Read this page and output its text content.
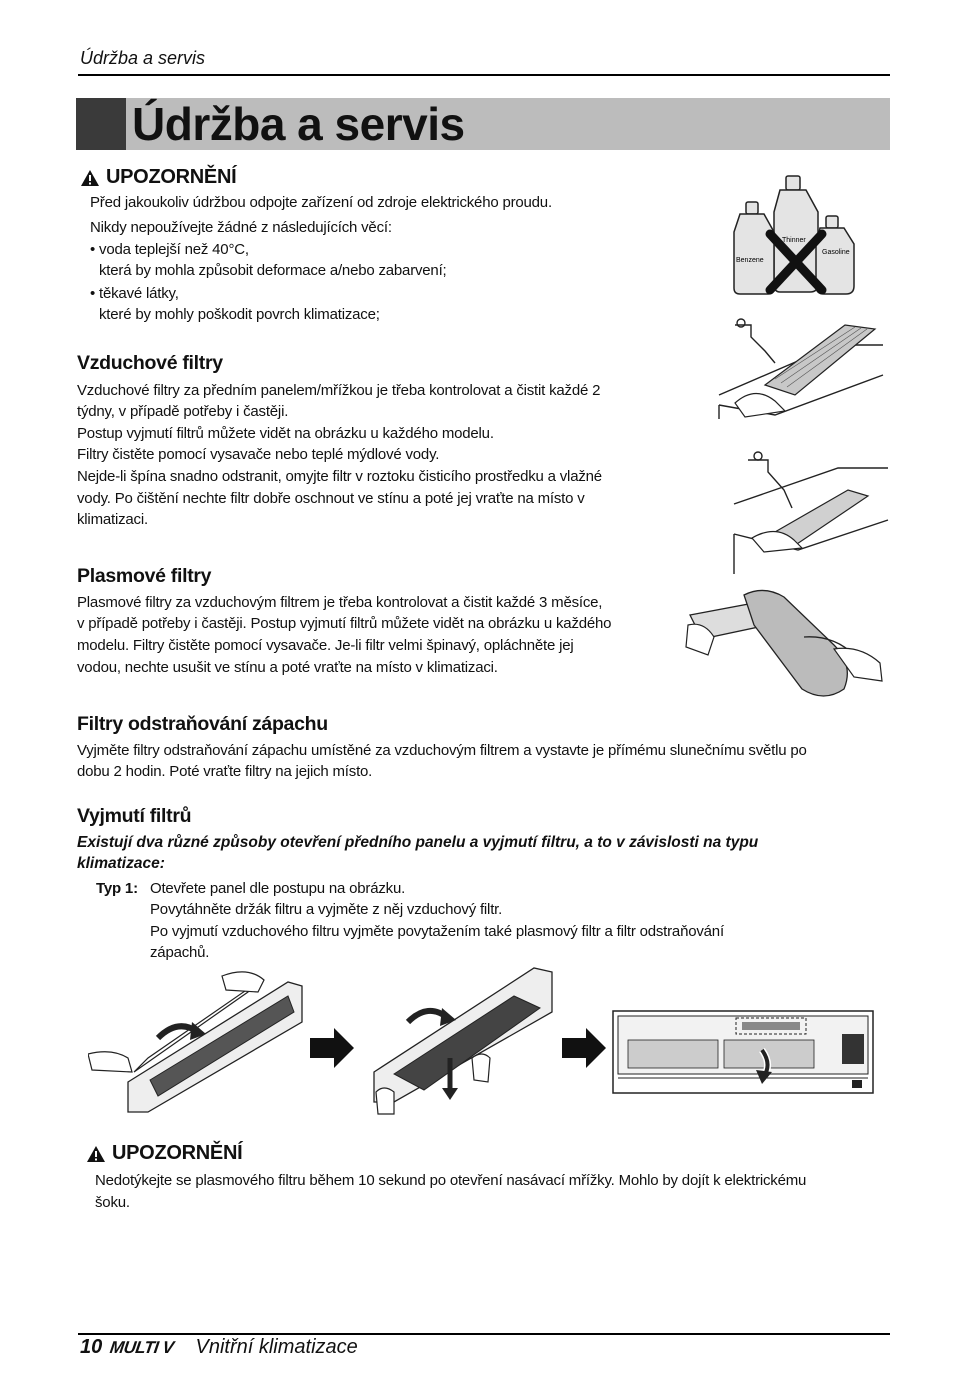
Údržba a servis
Údržba a servis
UPOZORNĚNÍ
Před jakoukoliv údržbou odpojte zařízení od zdroje elektrického proudu.
Nikdy nepoužívejte žádné z následujících věcí:
• voda teplejší než 40°C,
která by mohla způsobit deformace a/nebo zabarvení;
• těkavé látky,
které by mohly poškodit povrch klimatizace;
Benzene
Thinner
Gasoline
Vzduchové filtry
Vzduchové filtry za předním panelem/mřížkou je třeba kontrolovat a čistit každé 2
týdny, v případě potřeby i častěji.
Postup vyjmutí filtrů můžete vidět na obrázku u každého modelu.
Filtry čistěte pomocí vysavače nebo teplé mýdlové vody.
Nejde-li špína snadno odstranit, omyjte filtr v roztoku čisticího prostředku a vlažné
vody. Po čištění nechte filtr dobře oschnout ve stínu a poté jej vraťte na místo v
klimatizaci.
Plasmové filtry
Plasmové filtry za vzduchovým filtrem je třeba kontrolovat a čistit každé 3 měsíce,
v případě potřeby i častěji. Postup vyjmutí filtrů můžete vidět na obrázku u každého
modelu. Filtry čistěte pomocí vysavače. Je-li filtr velmi špinavý, opláchněte jej
vodou, nechte usušit ve stínu a poté vraťte na místo v klimatizaci.
Filtry odstraňování zápachu
Vyjměte filtry odstraňování zápachu umístěné za vzduchovým filtrem a vystavte je přímému slunečnímu světlu po
dobu 2 hodin. Poté vraťte filtry na jejich místo.
Vyjmutí filtrů
Existují dva různé způsoby otevření předního panelu a vyjmutí filtru, a to v závislosti na typu
klimatizace:
Typ 1: Otevřete panel dle postupu na obrázku.
Povytáhněte držák filtru a vyjměte z něj vzduchový filtr.
Po vyjmutí vzduchového filtru vyjměte povytažením také plasmový filtr a filtr odstraňování
zápachů.
UPOZORNĚNÍ
Nedotýkejte se plasmového filtru během 10 sekund po otevření nasávací mřížky. Mohlo by dojít k elektrickému
šoku.
10 MULTI V Vnitřní klimatizace
